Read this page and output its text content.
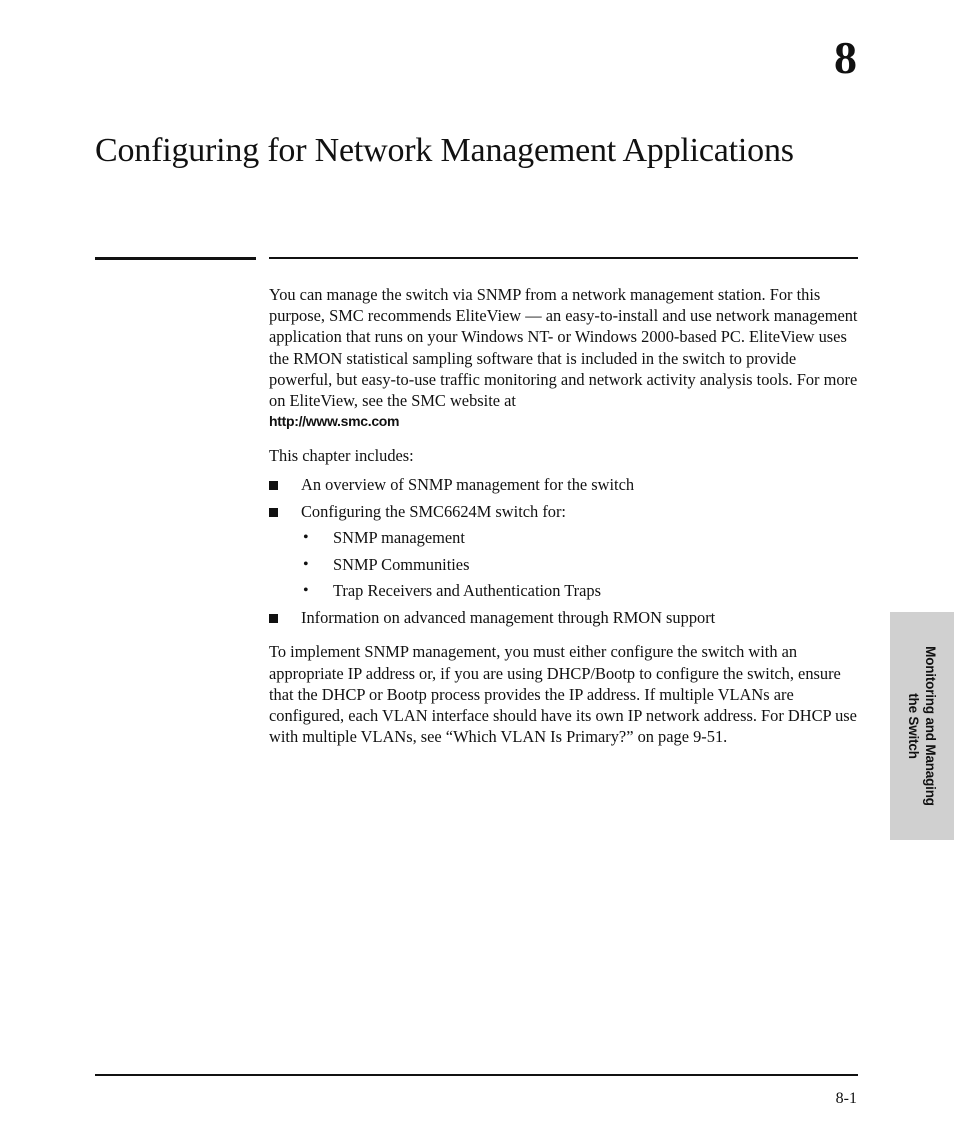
8
Configuring for Network Management Applications

You can manage the switch via SNMP from a network management station. For this purpose, SMC recommends EliteView — an easy-to-install and use network management application that runs on your Windows NT- or Windows 2000-based PC. EliteView uses the RMON statistical sampling software that is included in the switch to provide powerful, but easy-to-use traffic monitoring and network activity analysis tools. For more on EliteView, see the SMC website at

http://www.smc.com

This chapter includes:

An overview of SNMP management for the switch
Configuring the SMC6624M switch for:
• SNMP management
• SNMP Communities
• Trap Receivers and Authentication Traps
Information on advanced management through RMON support

To implement SNMP management, you must either configure the switch with an appropriate IP address or, if you are using DHCP/Bootp to configure the switch, ensure that the DHCP or Bootp process provides the IP address. If multiple VLANs are configured, each VLAN interface should have its own IP network address. For DHCP use with multiple VLANs, see “Which VLAN Is Primary?” on page 9-51.	Monitoring and Managing
the Switch
8-1
